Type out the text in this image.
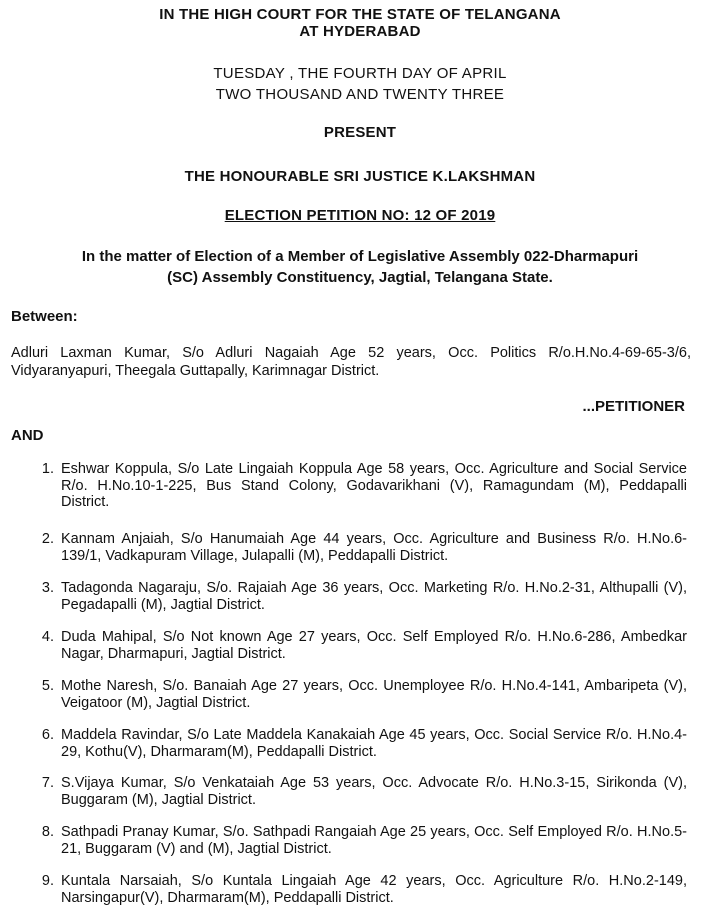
IN THE HIGH COURT FOR THE STATE OF TELANGANA
AT HYDERABAD
TUESDAY , THE FOURTH DAY OF APRIL
TWO THOUSAND AND TWENTY THREE
PRESENT
THE HONOURABLE SRI JUSTICE K.LAKSHMAN
ELECTION PETITION NO: 12 OF 2019
In the matter of Election of a Member of Legislative Assembly 022-Dharmapuri
(SC) Assembly Constituency, Jagtial, Telangana State.
Between:
Adluri Laxman Kumar, S/o Adluri Nagaiah Age 52 years, Occ. Politics R/o.H.No.4-69-65-3/6, Vidyaranyapuri, Theegala Guttapally, Karimnagar District.
...PETITIONER
AND
1. Eshwar Koppula, S/o Late Lingaiah Koppula Age 58 years, Occ. Agriculture and Social Service R/o. H.No.10-1-225, Bus Stand Colony, Godavarikhani (V), Ramagundam (M), Peddapalli District.
2. Kannam Anjaiah, S/o Hanumaiah Age 44 years, Occ. Agriculture and Business R/o. H.No.6-139/1, Vadkapuram Village, Julapalli (M), Peddapalli District.
3. Tadagonda Nagaraju, S/o. Rajaiah Age 36 years, Occ. Marketing R/o. H.No.2-31, Althupalli (V), Pegadapalli (M), Jagtial District.
4. Duda Mahipal, S/o Not known Age 27 years, Occ. Self Employed R/o. H.No.6-286, Ambedkar Nagar, Dharmapuri, Jagtial District.
5. Mothe Naresh, S/o. Banaiah Age 27 years, Occ. Unemployee R/o. H.No.4-141, Ambaripeta (V), Veigatoor (M), Jagtial District.
6. Maddela Ravindar, S/o Late Maddela Kanakaiah Age 45 years, Occ. Social Service R/o. H.No.4-29, Kothu(V), Dharmaram(M), Peddapalli District.
7. S.Vijaya Kumar, S/o Venkataiah Age 53 years, Occ. Advocate R/o. H.No.3-15, Sirikonda (V), Buggaram (M), Jagtial District.
8. Sathpadi Pranay Kumar, S/o. Sathpadi Rangaiah Age 25 years, Occ. Self Employed R/o. H.No.5-21, Buggaram (V) and (M), Jagtial District.
9. Kuntala Narsaiah, S/o Kuntala Lingaiah Age 42 years, Occ. Agriculture R/o. H.No.2-149, Narsingapur(V), Dharmaram(M), Peddapalli District.
